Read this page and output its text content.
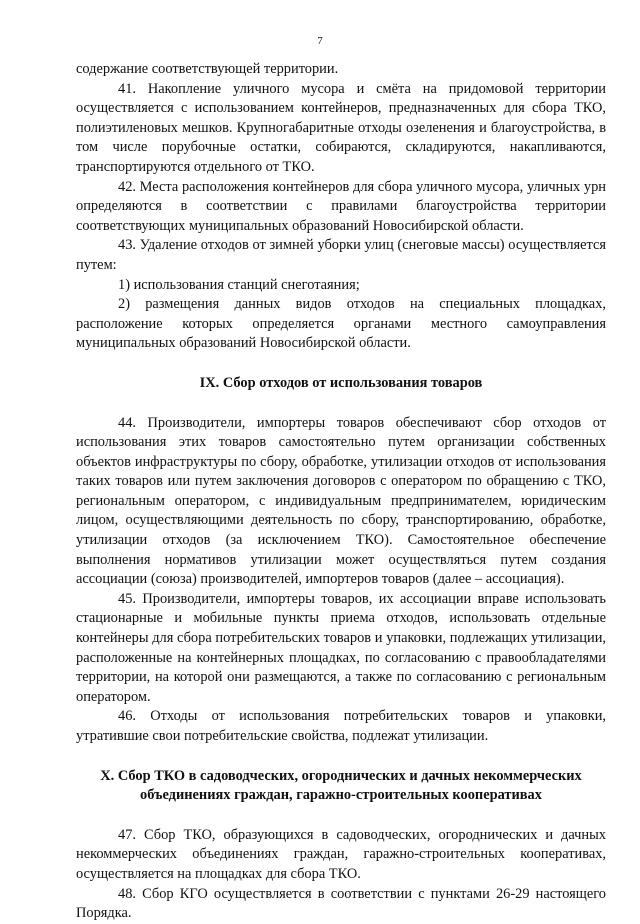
7

содержание соответствующей территории.

41. Накопление уличного мусора и смёта на придомовой территории осуществляется с использованием контейнеров, предназначенных для сбора ТКО, полиэтиленовых мешков. Крупногабаритные отходы озеленения и благоустройства, в том числе порубочные остатки, собираются, складируются, накапливаются, транспортируются отдельного от ТКО.

42. Места расположения контейнеров для сбора уличного мусора, уличных урн определяются в соответствии с правилами благоустройства территории соответствующих муниципальных образований Новосибирской области.

43. Удаление отходов от зимней уборки улиц (снеговые массы) осуществляется путем:

1) использования станций снеготаяния;

2) размещения данных видов отходов на специальных площадках, расположение которых определяется органами местного самоуправления муниципальных образований Новосибирской области.

IX. Сбор отходов от использования товаров

44. Производители, импортеры товаров обеспечивают сбор отходов от использования этих товаров самостоятельно путем организации собственных объектов инфраструктуры по сбору, обработке, утилизации отходов от использования таких товаров или путем заключения договоров с оператором по обращению с ТКО, региональным оператором, с индивидуальным предпринимателем, юридическим лицом, осуществляющими деятельность по сбору, транспортированию, обработке, утилизации отходов (за исключением ТКО). Самостоятельное обеспечение выполнения нормативов утилизации может осуществляться путем создания ассоциации (союза) производителей, импортеров товаров (далее – ассоциация).

45. Производители, импортеры товаров, их ассоциации вправе использовать стационарные и мобильные пункты приема отходов, использовать отдельные контейнеры для сбора потребительских товаров и упаковки, подлежащих утилизации, расположенные на контейнерных площадках, по согласованию с правообладателями территории, на которой они размещаются, а также по согласованию с региональным оператором.

46. Отходы от использования потребительских товаров и упаковки, утратившие свои потребительские свойства, подлежат утилизации.

X. Сбор ТКО в садоводческих, огороднических и дачных некоммерческих

объединениях граждан, гаражно-строительных кооперативах

47. Сбор ТКО, образующихся в садоводческих, огороднических и дачных некоммерческих объединениях граждан, гаражно-строительных кооперативах, осуществляется на площадках для сбора ТКО.

48. Сбор КГО осуществляется в соответствии с пунктами 26-29 настоящего Порядка.
